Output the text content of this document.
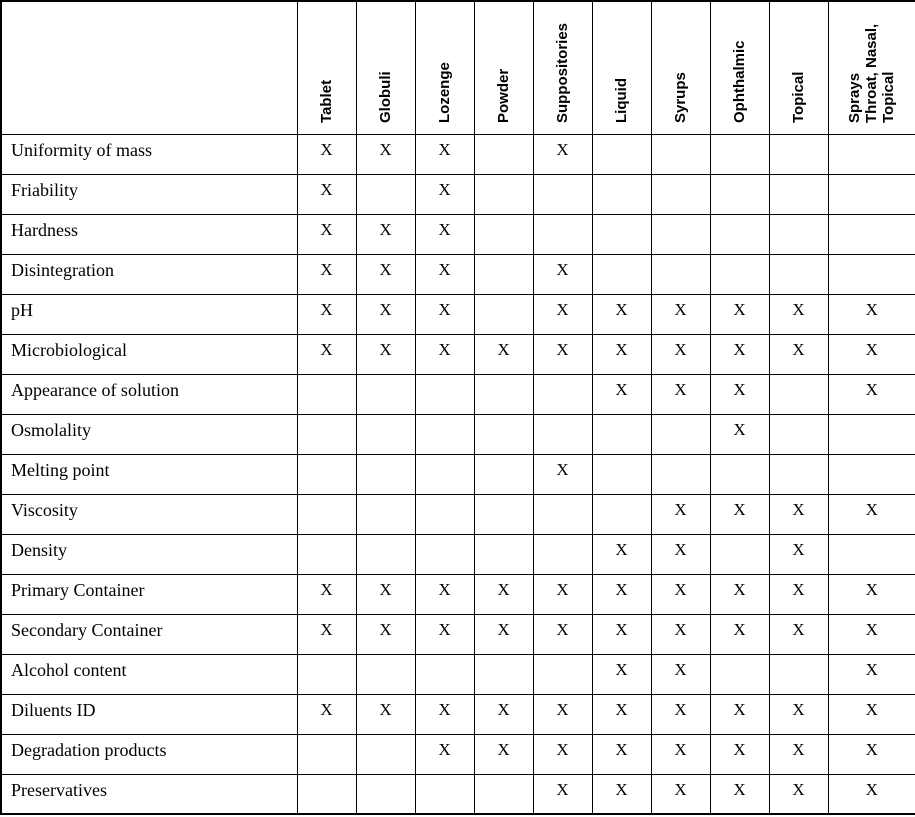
	Tablet	Globuli	Lozenge	Powder	Suppositories	Liquid	Syrups	Ophthalmic	Topical	Sprays
Throat, Nasal,
Topical
Uniformity of mass	X	X	X		X					
Friability	X		X							
Hardness	X	X	X							
Disintegration	X	X	X		X					
pH	X	X	X		X	X	X	X	X	X
Microbiological	X	X	X	X	X	X	X	X	X	X
Appearance of solution						X	X	X		X
Osmolality								X		
Melting point					X					
Viscosity							X	X	X	X
Density						X	X		X	
Primary Container	X	X	X	X	X	X	X	X	X	X
Secondary Container	X	X	X	X	X	X	X	X	X	X
Alcohol content						X	X			X
Diluents ID	X	X	X	X	X	X	X	X	X	X
Degradation products			X	X	X	X	X	X	X	X
Preservatives					X	X	X	X	X	X
